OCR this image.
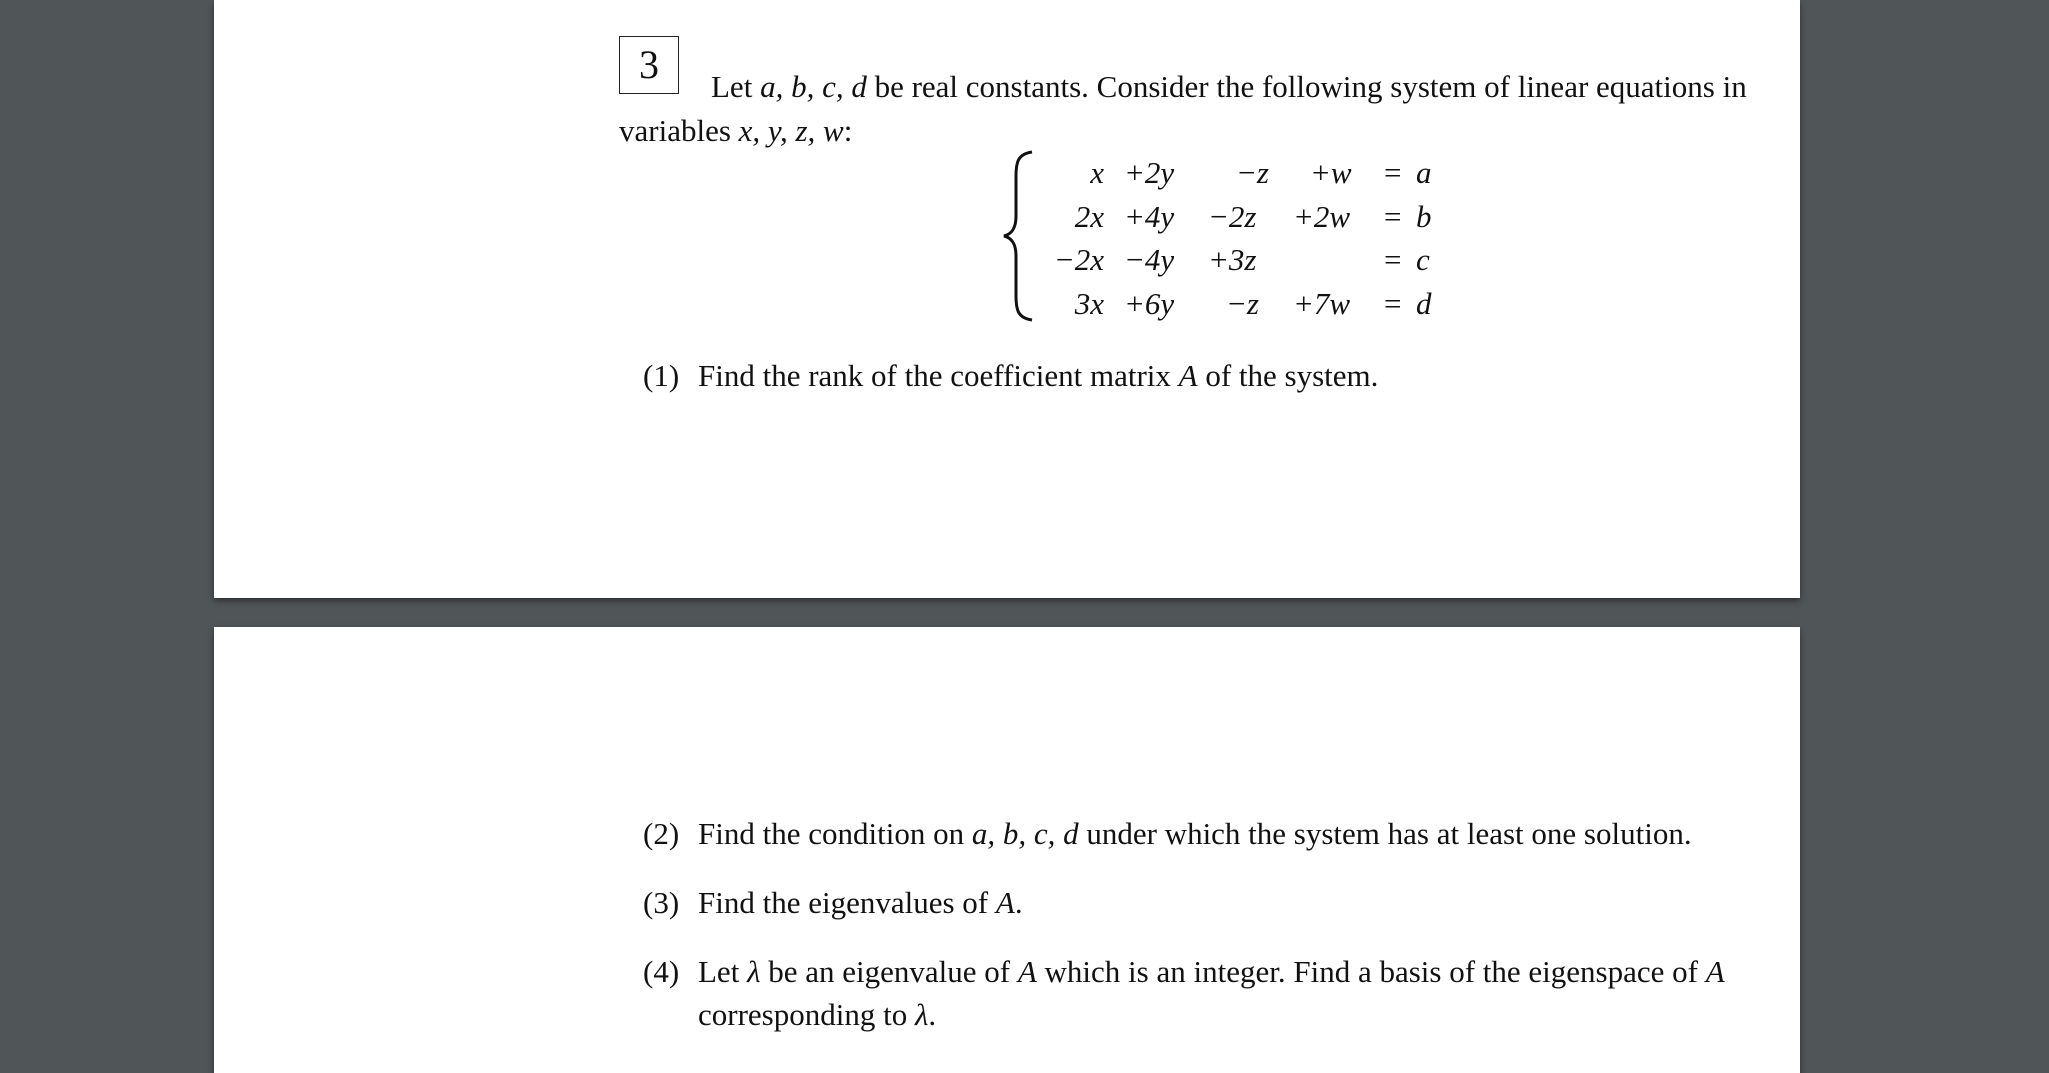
3	Let a, b, c, d be real constants. Consider the following system of linear equations in
variables x, y, z, w:
x +2y −z +w = a
2x +4y −2z +2w = b
−2x −4y +3z	= c
3x +6y −z +7w = d
(1) Find the rank of the coefficient matrix A of the system.
(2) Find the condition on a, b, c, d under which the system has at least one solution.
(3) Find the eigenvalues of A.
(4) Let λ be an eigenvalue of A which is an integer. Find a basis of the eigenspace of A
corresponding to λ.
